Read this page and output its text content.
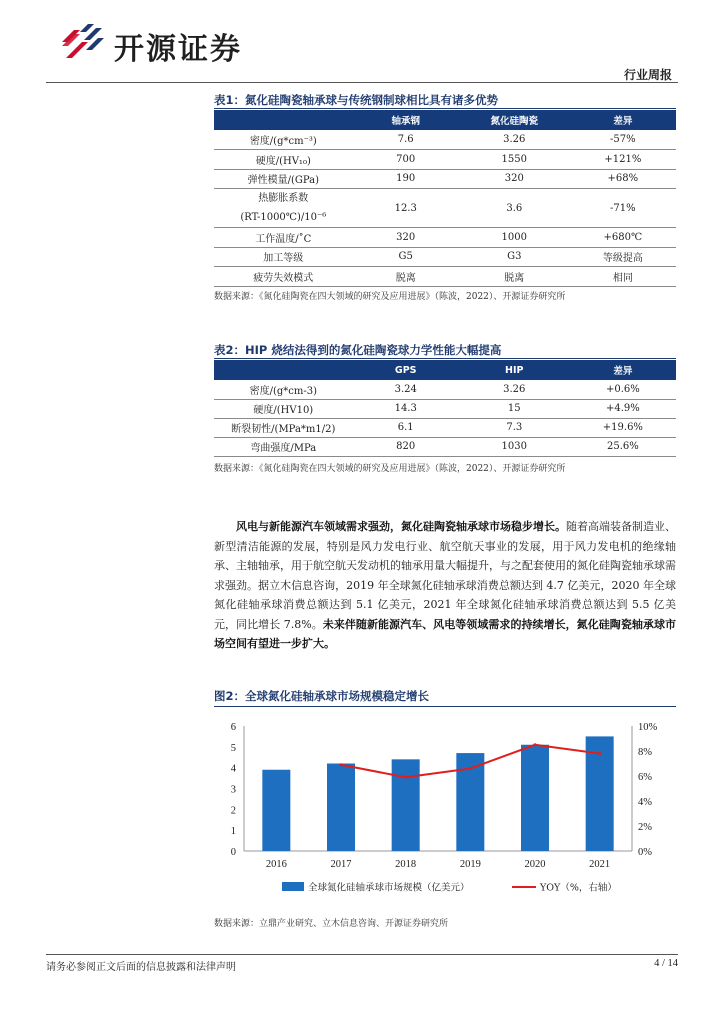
开源证券
行业周报
表1：氮化硅陶瓷轴承球与传统钢制球相比具有诸多优势
	轴承钢	氮化硅陶瓷	差异
密度/(g*cm⁻³)	7.6	3.26	-57%
硬度/(HV₁₀)	700	1550	+121%
弹性模量/(GPa)	190	320	+68%

热膨胀系数
(RT-1000℃)/10⁻⁶	12.3	3.6	-71%
工作温度/˚C	320	1000	+680℃
加工等级	G5	G3	等级提高
疲劳失效模式	脱离	脱离	相同
数据来源：《氮化硅陶瓷在四大领域的研究及应用进展》（陈波，2022）、开源证券研究所
表2：HIP 烧结法得到的氮化硅陶瓷球力学性能大幅提高
	GPS	HIP	差异
密度/(g*cm-3)	3.24	3.26	+0.6%
硬度/(HV10)	14.3	15	+4.9%
断裂韧性/(MPa*m1/2)	6.1	7.3	+19.6%
弯曲强度/MPa	820	1030	25.6%
数据来源：《氮化硅陶瓷在四大领域的研究及应用进展》（陈波，2022）、开源证券研究所

风电与新能源汽车领域需求强劲，氮化硅陶瓷轴承球市场稳步增长。随着高端装备制造业、新型清洁能源的发展，特别是风力发电行业、航空航天事业的发展，用于风力发电机的绝缘轴承、主轴轴承，用于航空航天发动机的轴承用量大幅提升，与之配套使用的氮化硅陶瓷轴承球需求强劲。据立木信息咨询，2019 年全球氮化硅轴承球消费总额达到 4.7 亿美元，2020 年全球氮化硅轴承球消费总额达到 5.1 亿美元，2021 年全球氮化硅轴承球消费总额达到 5.5 亿美元，同比增长 7.8%。未来伴随新能源汽车、风电等领域需求的持续增长，氮化硅陶瓷轴承球市场空间有望进一步扩大。

图2：全球氮化硅轴承球市场规模稳定增长
0
1
2
3
4
5
6
0%
2%
4%
6%
8%
10%
2016	2017	2018	2019	2020	2021
全球氮化硅轴承球市场规模（亿美元）	YOY（%，右轴）
数据来源：立鼎产业研究、立木信息咨询、开源证券研究所
请务必参阅正文后面的信息披露和法律声明	4 / 14
